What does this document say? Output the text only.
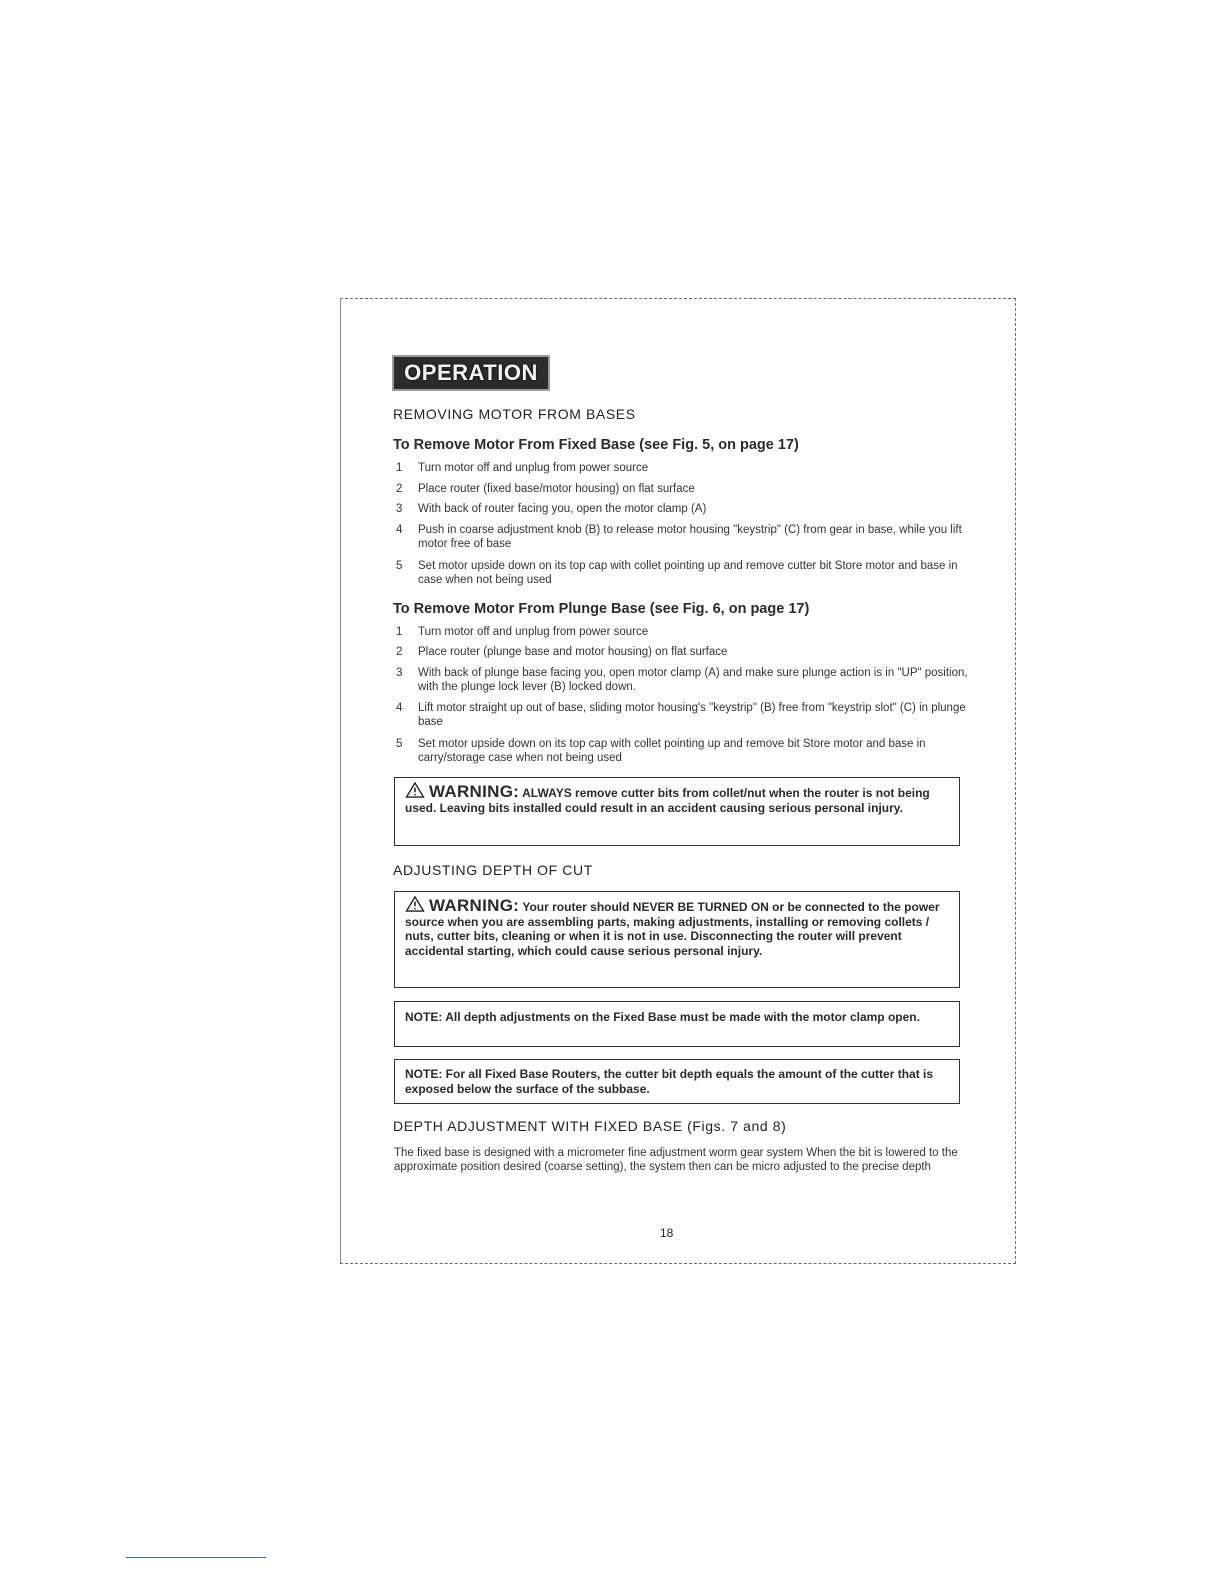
OPERATION
REMOVING MOTOR FROM BASES
To Remove Motor From Fixed Base (see Fig. 5, on page 17)
1 Turn motor off and unplug from power source
2 Place router (fixed base/motor housing) on flat surface
3 With back of router facing you, open the motor clamp (A)
4 Push in coarse adjustment knob (B) to release motor housing "keystrip" (C) from gear in base, while you lift motor free of base
5 Set motor upside down on its top cap with collet pointing up and remove cutter bit Store motor and base in case when not being used
To Remove Motor From Plunge Base (see Fig. 6, on page 17)
1 Turn motor off and unplug from power source
2 Place router (plunge base and motor housing) on flat surface
3 With back of plunge base facing you, open motor clamp (A) and make sure plunge action is in "UP" position, with the plunge lock lever (B) locked down.
4 Lift motor straight up out of base, sliding motor housing's "keystrip" (B) free from "keystrip slot" (C) in plunge base
5 Set motor upside down on its top cap with collet pointing up and remove bit Store motor and base in carry/storage case when not being used
WARNING: ALWAYS remove cutter bits from collet/nut when the router is not being used. Leaving bits installed could result in an accident causing serious personal injury.
ADJUSTING DEPTH OF CUT
WARNING: Your router should NEVER BE TURNED ON or be connected to the power source when you are assembling parts, making adjustments, installing or removing collets / nuts, cutter bits, cleaning or when it is not in use. Disconnecting the router will prevent accidental starting, which could cause serious personal injury.
NOTE: All depth adjustments on the Fixed Base must be made with the motor clamp open.
NOTE: For all Fixed Base Routers, the cutter bit depth equals the amount of the cutter that is exposed below the surface of the subbase.
DEPTH ADJUSTMENT WITH FIXED BASE (Figs. 7 and 8)
The fixed base is designed with a micrometer fine adjustment worm gear system When the bit is lowered to the approximate position desired (coarse setting), the system then can be micro adjusted to the precise depth
18
